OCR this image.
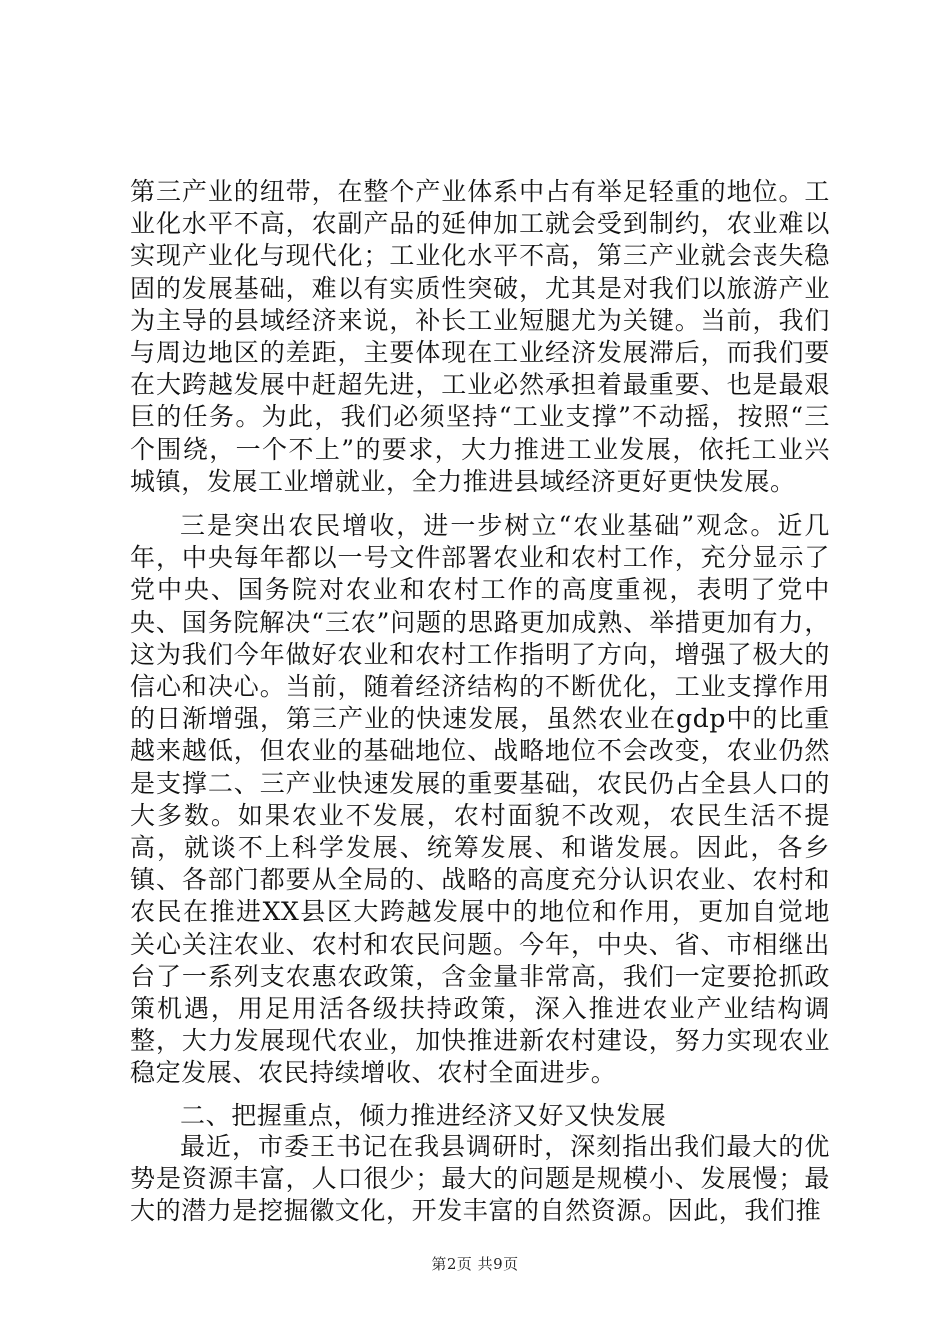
第三产业的纽带，在整个产业体系中占有举足轻重的地位。工业化水平不高，农副产品的延伸加工就会受到制约，农业难以实现产业化与现代化；工业化水平不高，第三产业就会丧失稳固的发展基础，难以有实质性突破，尤其是对我们以旅游产业为主导的县域经济来说，补长工业短腿尤为关键。当前，我们与周边地区的差距，主要体现在工业经济发展滞后，而我们要在大跨越发展中赶超先进，工业必然承担着最重要、也是最艰巨的任务。为此，我们必须坚持“工业支撑”不动摇，按照“三个围绕，一个不上”的要求，大力推进工业发展，依托工业兴城镇，发展工业增就业，全力推进县域经济更好更快发展。

三是突出农民增收，进一步树立“农业基础”观念。近几年，中央每年都以一号文件部署农业和农村工作，充分显示了党中央、国务院对农业和农村工作的高度重视，表明了党中央、国务院解决“三农”问题的思路更加成熟、举措更加有力，这为我们今年做好农业和农村工作指明了方向，增强了极大的信心和决心。当前，随着经济结构的不断优化，工业支撑作用的日渐增强，第三产业的快速发展，虽然农业在gdp中的比重越来越低，但农业的基础地位、战略地位不会改变，农业仍然是支撑二、三产业快速发展的重要基础，农民仍占全县人口的大多数。如果农业不发展，农村面貌不改观，农民生活不提高，就谈不上科学发展、统筹发展、和谐发展。因此，各乡镇、各部门都要从全局的、战略的高度充分认识农业、农村和农民在推进XX县区大跨越发展中的地位和作用，更加自觉地关心关注农业、农村和农民问题。今年，中央、省、市相继出台了一系列支农惠农政策，含金量非常高，我们一定要抢抓政策机遇，用足用活各级扶持政策，深入推进农业产业结构调整，大力发展现代农业，加快推进新农村建设，努力实现农业稳定发展、农民持续增收、农村全面进步。

二、把握重点，倾力推进经济又好又快发展

最近，市委王书记在我县调研时，深刻指出我们最大的优势是资源丰富，人口很少；最大的问题是规模小、发展慢；最大的潜力是挖掘徽文化，开发丰富的自然资源。因此，我们推

第2页 共9页
